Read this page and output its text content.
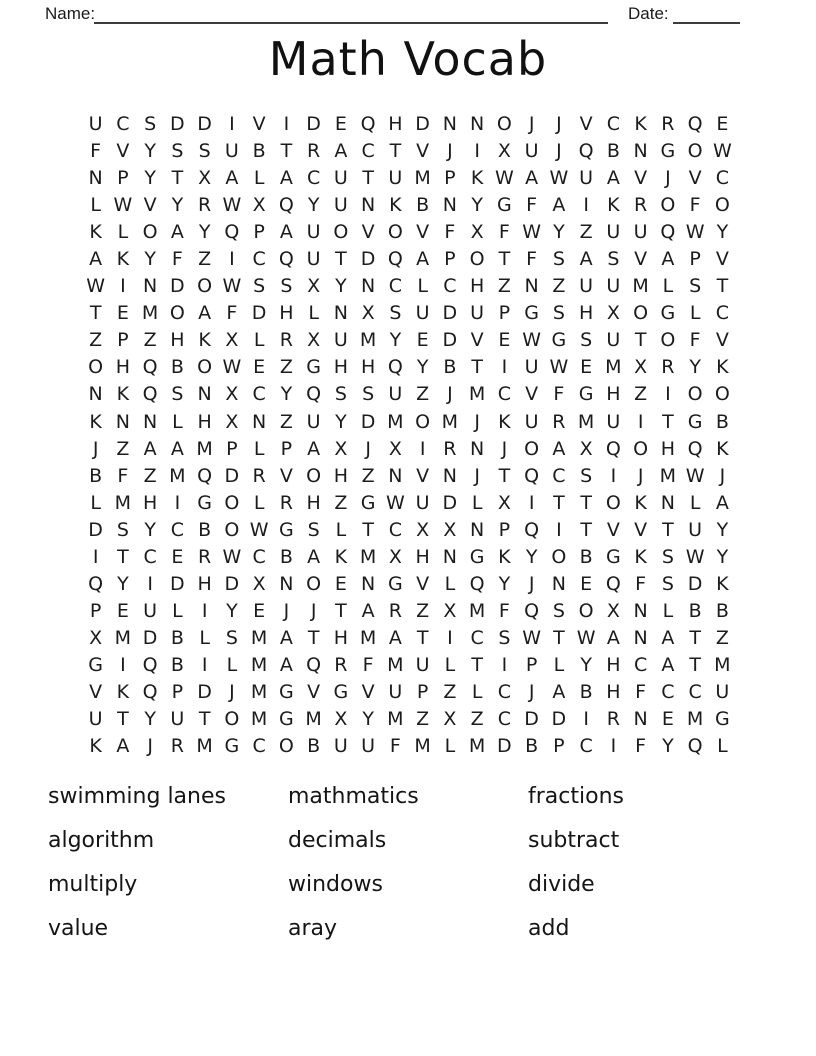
Name:	Date:
Math Vocab
U C S D D I V I D E Q H D N N O J	J V C K R Q E
F V Y S S U B T R A C T V J	I X U J Q B N G O W
N P Y T X A L A C U T U M P K W A W U A V J V C
L W V Y R W X Q Y U N K B N Y G F A I K R O F O
K L O A Y Q P A U O V O V F X F W Y Z U U Q W Y
A K Y F Z I C Q U T D Q A P O T F S A S V A P V
W I N D O W S S X Y N C L C H Z N Z U U M L S T
T E M O A F D H L N X S U D U P G S H X O G L C
Z P Z H K X L R X U M Y E D V E W G S U T O F V
O H Q B O W E Z G H H Q Y B T I U W E M X R Y K
N K Q S N X C Y Q S S U Z J M C V F G H Z I O O
K N N L H X N Z U Y D M O M J K U R M U I T G B
J Z A A M P L P A X J X I R N J O A X Q O H Q K
B F Z M Q D R V O H Z N V N J T Q C S I	J M W J
L M H I G O L R H Z G W U D L X I T T O K N L A
D S Y C B O W G S L T C X X N P Q I T V V T U Y
I T C E R W C B A K M X H N G K Y O B G K S W Y
Q Y I D H D X N O E N G V L Q Y J N E Q F S D K
P E U L	I Y E J	J T A R Z X M F Q S O X N L B B
X M D B L S M A T H M A T I C S W T W A N A T Z
G I Q B I	L M A Q R F M U L T I P L Y H C A T M
V K Q P D J M G V G V U P Z L C J A B H F C C U
U T Y U T O M G M X Y M Z X Z C D D I R N E M G
K A J R M G C O B U U F M L M D B P C I F Y Q L
swimming lanes
algorithm
multiply
value
mathmatics
decimals
windows
aray
fractions
subtract
divide
add
